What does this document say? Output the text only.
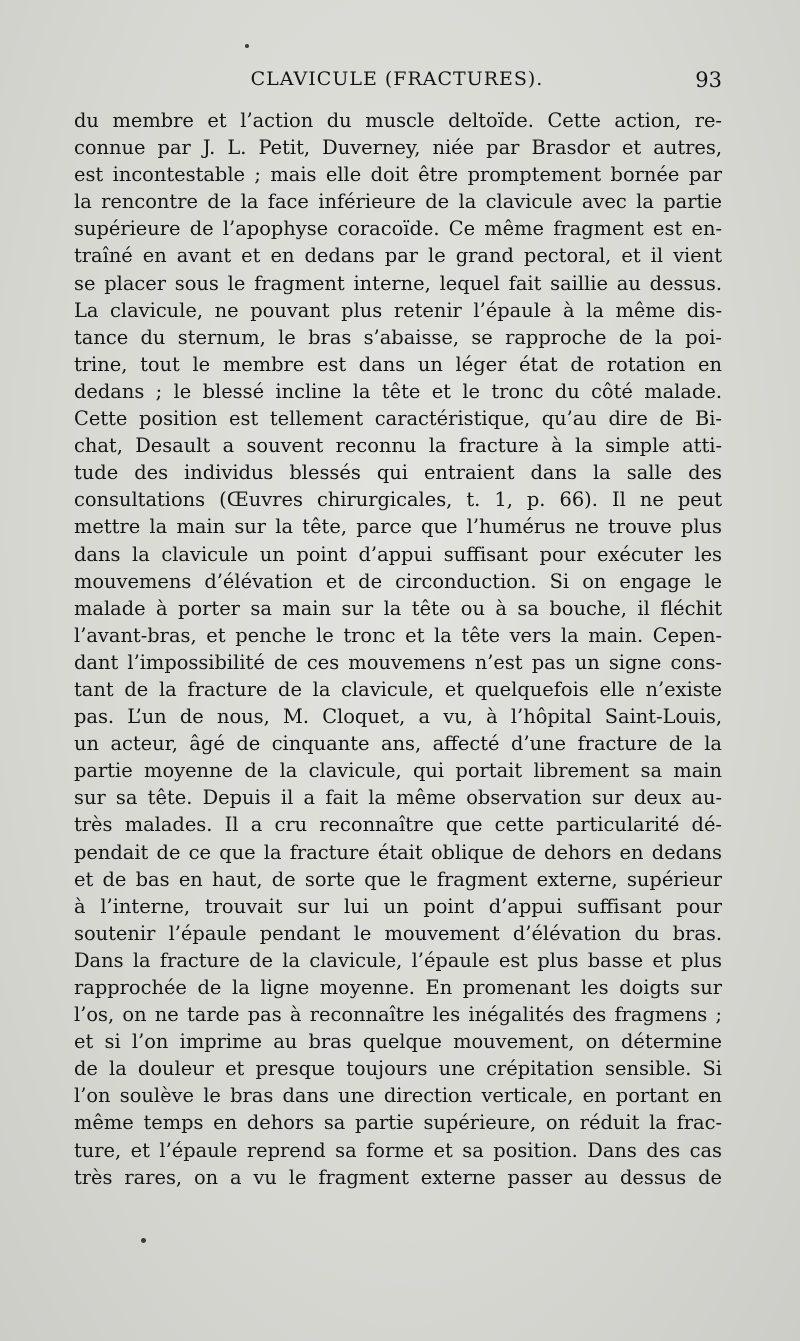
CLAVICULE (FRACTURES).	93
du membre et l’action du muscle deltoïde. Cette action, re-
connue par J. L. Petit, Duverney, niée par Brasdor et autres,
est incontestable ; mais elle doit être promptement bornée par
la rencontre de la face inférieure de la clavicule avec la partie
supérieure de l’apophyse coracoïde. Ce même fragment est en-
traîné en avant et en dedans par le grand pectoral, et il vient
se placer sous le fragment interne, lequel fait saillie au dessus.
La clavicule, ne pouvant plus retenir l’épaule à la même dis-
tance du sternum, le bras s’abaisse, se rapproche de la poi-
trine, tout le membre est dans un léger état de rotation en
dedans ; le blessé incline la tête et le tronc du côté malade.
Cette position est tellement caractéristique, qu’au dire de Bi-
chat, Desault a souvent reconnu la fracture à la simple atti-
tude des individus blessés qui entraient dans la salle des
consultations (Œuvres chirurgicales, t. 1, p. 66). Il ne peut
mettre la main sur la tête, parce que l’humérus ne trouve plus
dans la clavicule un point d’appui suffisant pour exécuter les
mouvemens d’élévation et de circonduction. Si on engage le
malade à porter sa main sur la tête ou à sa bouche, il fléchit
l’avant-bras, et penche le tronc et la tête vers la main. Cepen-
dant l’impossibilité de ces mouvemens n’est pas un signe cons-
tant de la fracture de la clavicule, et quelquefois elle n’existe
pas. L’un de nous, M. Cloquet, a vu, à l’hôpital Saint-Louis,
un acteur, âgé de cinquante ans, affecté d’une fracture de la
partie moyenne de la clavicule, qui portait librement sa main
sur sa tête. Depuis il a fait la même observation sur deux au-
très malades. Il a cru reconnaître que cette particularité dé-
pendait de ce que la fracture était oblique de dehors en dedans
et de bas en haut, de sorte que le fragment externe, supérieur
à l’interne, trouvait sur lui un point d’appui suffisant pour
soutenir l’épaule pendant le mouvement d’élévation du bras.
Dans la fracture de la clavicule, l’épaule est plus basse et plus
rapprochée de la ligne moyenne. En promenant les doigts sur
l’os, on ne tarde pas à reconnaître les inégalités des fragmens ;
et si l’on imprime au bras quelque mouvement, on détermine
de la douleur et presque toujours une crépitation sensible. Si
l’on soulève le bras dans une direction verticale, en portant en
même temps en dehors sa partie supérieure, on réduit la frac-
ture, et l’épaule reprend sa forme et sa position. Dans des cas
très rares, on a vu le fragment externe passer au dessus de
